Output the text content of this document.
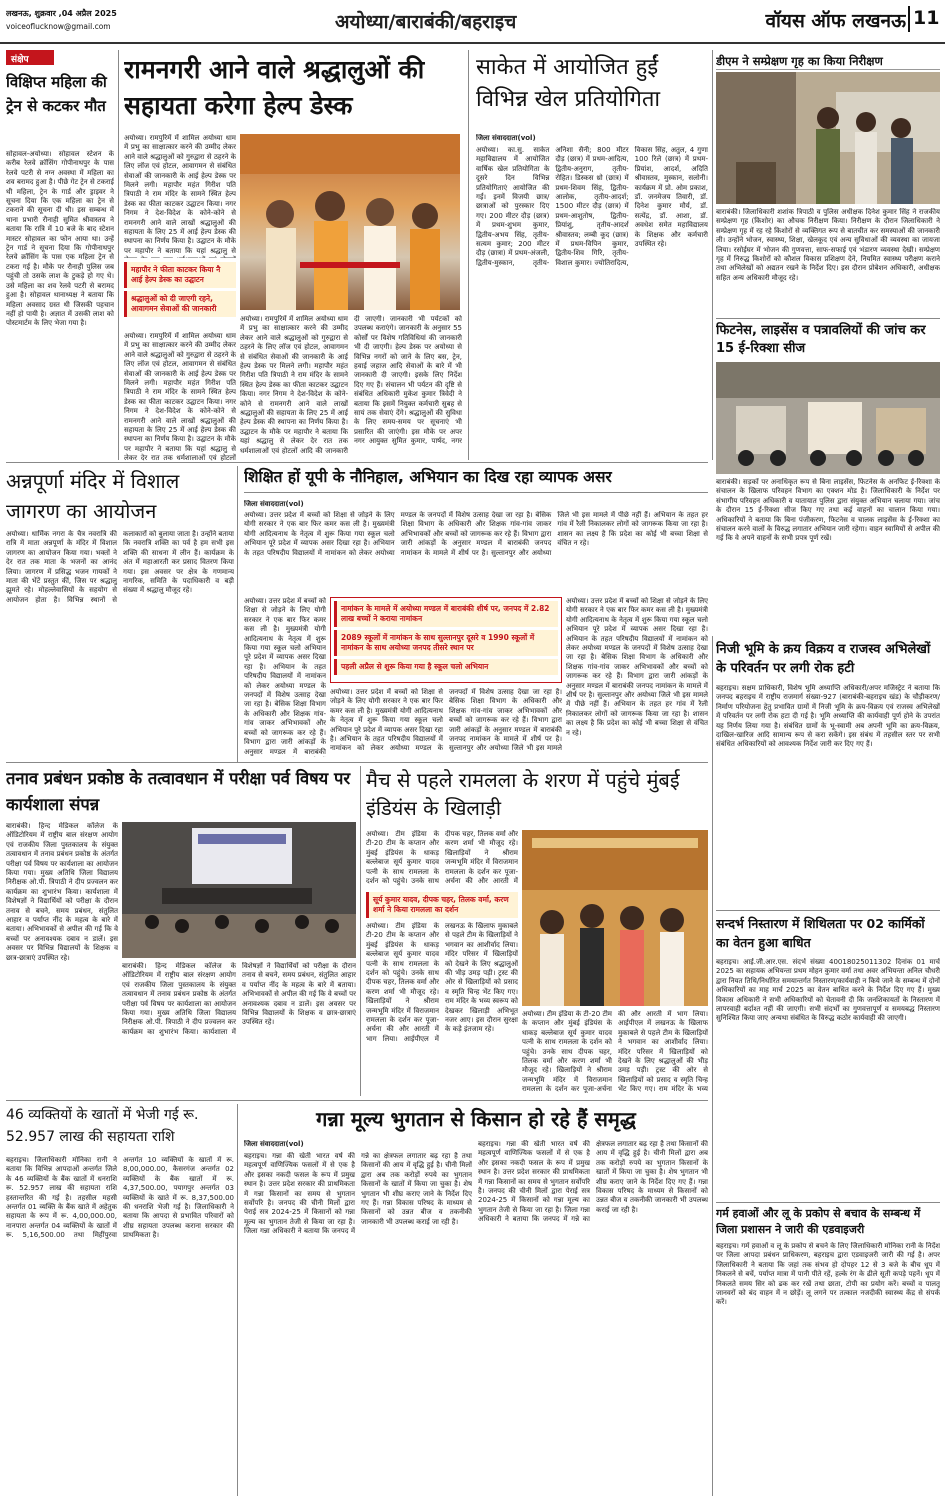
लखनऊ, शुक्रवार ,04 अप्रैल 2025
voiceoflucknow@gmail.com	अयोध्या/बाराबंकी/बहराइच	वॉयस ऑफ लखनऊ 11
संक्षेप
विक्षिप्त महिला की ट्रेन से कटकर मौत
सोहावल-अयोध्या। सोहावल स्टेशन के करीब रेलवे क्रॉसिंग गोपीनाथपुर के पास रेलवे पटरी से नग्न अवस्था में महिला का शव बरामद हुआ है। पीछे गेट ट्रेन से टकराई थी महिला, ट्रेन के गार्ड और ड्राइवर ने सूचना दिया कि एक महिला का ट्रेन से टकराने की सूचना दी थी। इस सम्बन्ध में थाना प्रभारी रौनाही सुमित श्रीवास्तव ने बताया कि रात्रि में 10 बजे के बाद स्टेशन मास्टर सोहावल का फोन आया था। उन्हें ट्रेन गार्ड ने सूचना दिया कि गोपीनाथपुर रेलवे क्रॉसिंग के पास एक महिला ट्रेन से टकरा गई है। मौके पर रौनाही पुलिस जब पहुंची तो उसके लाश के टुकड़े हो गए थे। उसे महिला का शव रेलवे पटरी से बरामद हुआ है। सोहावल थानाध्यक्ष ने बताया कि महिला अवसाद ग्रस्त थी जिसकी पहचान नहीं हो पायी है। अज्ञात में उसकी लाश को पोस्टमार्टम के लिए भेजा गया है।
रामनगरी आने वाले श्रद्धालुओं की सहायता करेगा हेल्प डेस्क
अयोध्या। रामपुरिमें में शामिल अयोध्या धाम में प्रभु का साक्षात्कार करने की उम्मीद लेकर आने वाले श्रद्धालुओं को गुरुद्वारा से ठहरने के लिए लॉज एवं होटल, आवागमन से संबंधित सेवाओं की जानकारी के आई हेल्प डेस्क पर मिलने लगी। महापौर महंत गिरीश पति त्रिपाठी ने राम मंदिर के सामने स्थित हेल्प डेस्क का फीता काटकर उद्घाटन किया। नगर निगम ने देश-विदेश के कोने-कोने से रामनगरी आने वाले लाखों श्रद्धालुओं की सहायता के लिए 25 में आई हेल्प डेस्क की स्थापना का निर्णय किया है। उद्घाटन के मौके पर महापौर ने बताया कि यहां श्रद्धालु से
महापौर ने फीता काटकर किया नै आई हेल्प डेस्क का उद्घाटन
श्रद्धालुओं को दी जाएगी रहने, आवागमन सेवाओं की जानकारी
अयोध्या। रामपुरिमें में शामिल अयोध्या धाम में प्रभु का साक्षात्कार करने की उम्मीद लेकर आने वाले श्रद्धालुओं को गुरुद्वारा से ठहरने के लिए लॉज एवं होटल, आवागमन से संबंधित सेवाओं की जानकारी के आई हेल्प डेस्क पर मिलने लगी। महापौर महंत गिरीश पति त्रिपाठी ने राम मंदिर के सामने स्थित हेल्प डेस्क का फीता काटकर उद्घाटन किया। नगर निगम ने देश-विदेश के कोने-कोने से रामनगरी आने वाले लाखों श्रद्धालुओं की सहायता के लिए 25 में आई हेल्प डेस्क की स्थापना का निर्णय किया है। उद्घाटन के मौके पर महापौर ने बताया कि यहां श्रद्धालु से लेकर देर रात तक धर्मशालाओं एवं होटलों
अयोध्या। रामपुरिमें में शामिल अयोध्या धाम में प्रभु का साक्षात्कार करने की उम्मीद लेकर आने वाले श्रद्धालुओं को गुरुद्वारा से ठहरने के लिए लॉज एवं होटल, आवागमन से संबंधित सेवाओं की जानकारी के आई हेल्प डेस्क पर मिलने लगी। महापौर महंत गिरीश पति त्रिपाठी ने राम मंदिर के सामने स्थित हेल्प डेस्क का फीता काटकर उद्घाटन किया। नगर निगम ने देश-विदेश के कोने-कोने से रामनगरी आने वाले लाखों श्रद्धालुओं की सहायता के लिए 25 में आई हेल्प डेस्क की स्थापना का निर्णय किया है। उद्घाटन के मौके पर महापौर ने बताया कि यहां श्रद्धालु से लेकर देर रात तक धर्मशालाओं एवं होटलों आदि की जानकारी दी जाएगी। जानकारी भी पर्यटकों को उपलब्ध कराएंगे। जानकारी के अनुसार 55 कोर्सों पर विशेष गतिविधियां की जानकारी भी दी जाएगी। हेल्प डेस्क पर अयोध्या से विभिन्न नगरों को जाने के लिए बस, ट्रेन, हवाई जहाज आदि सेवाओं के बारे में भी जानकारी दी जाएगी। इसके लिए निर्देश दिए गए हैं। संचालन भी पर्यटन की दृष्टि से संबंधित अधिकारी मुकेश कुमार त्रिवेदी ने बताया कि इसमें नियुक्त कर्मचारी सुबह से सायं तक सेवाएं देंगे। श्रद्धालुओं की सुविधा के लिए समय-समय पर सूचनाएं भी प्रसारित की जाएंगी। इस मौके पर अपर नगर आयुक्त सुमित कुमार, पार्षद, नगर
साकेत में आयोजित हुईं विभिन्न खेल प्रतियोगिता
जिला संवाददाता(vol)
अयोध्या। का.सु. साकेत महाविद्यालय में आयोजित वार्षिक खेल प्रतियोगिता के दूसरे दिन विभिन्न प्रतियोगिताएं आयोजित की गईं। इनमें विजयी छात्र/छात्राओं को पुरस्कार दिए गए। 200 मीटर दौड़ (छात्र) में प्रथम-शुभम कुमार, द्वितीय-अभय सिंह, तृतीय-सत्यम कुमार; 200 मीटर दौड़ (छात्रा) में प्रथम-अंजली, द्वितीय-मुस्कान, तृतीय-अनिशा सैनी; 800 मीटर दौड़ (छात्र) में प्रथम-आदित्य, द्वितीय-अनुराग, तृतीय-रोहित। डिस्कस थ्रो (छात्र) में प्रथम-शिवम सिंह, द्वितीय-आलोक, तृतीय-आदर्श; 1500 मीटर दौड़ (छात्र) में प्रथम-आशुतोष, द्वितीय-प्रियांशु, तृतीय-आदर्श श्रीवास्तव; लम्बी कूद (छात्र) में प्रथम-विपिन कुमार, द्वितीय-शिव गिरि, तृतीय-विशाल कुमार। ज्योतिरादित्य, विकास सिंह, अतुल, 4 गुणा 100 रिले (छात्र) में प्रथम-प्रियांश, आदर्श, अदिति श्रीवास्तव, मुस्कान, सलोनी। कार्यक्रम में प्रो. ओम प्रकाश, डॉ. जनमेजय तिवारी, डॉ. दिनेश कुमार मौर्य, डॉ. सत्येंद्र, डॉ. आशा, डॉ. अवधेश समेत महाविद्यालय के शिक्षक और कर्मचारी उपस्थित रहे।
डीएम ने सम्प्रेक्षण गृह का किया निरीक्षण
बाराबंकी। जिलाधिकारी शशांक त्रिपाठी व पुलिस अधीक्षक दिनेश कुमार सिंह ने राजकीय सम्प्रेक्षण गृह (किशोर) का औचक निरीक्षण किया। निरीक्षण के दौरान जिलाधिकारी ने सम्प्रेक्षण गृह में रह रहे किशोरों से व्यक्तिगत रूप से बातचीत कर समस्याओं की जानकारी ली। उन्होंने भोजन, स्वास्थ्य, शिक्षा, खेलकूद एवं अन्य सुविधाओं की व्यवस्था का जायजा लिया। रसोईघर में भोजन की गुणवत्ता, साफ-सफाई एवं भंडारण व्यवस्था देखी। सम्प्रेक्षण गृह में निरुद्ध किशोरों को कौशल विकास प्रशिक्षण देने, नियमित स्वास्थ्य परीक्षण कराने तथा अभिलेखों को अद्यतन रखने के निर्देश दिए। इस दौरान प्रोबेशन अधिकारी, अधीक्षक सहित अन्य अधिकारी मौजूद रहे।
फिटनेस, लाइसेंस व पत्रावलियों की जांच कर 15 ई-रिक्शा सीज
बाराबंकी। सड़कों पर अनाधिकृत रूप से बिना लाइसेंस, फिटनेस के अनफिट ई-रिक्शा के संचालन के खिलाफ परिवहन विभाग का एक्शन मोड है। जिलाधिकारी के निर्देश पर संभागीय परिवहन अधिकारी व यातायात पुलिस द्वारा संयुक्त अभियान चलाया गया। जांच के दौरान 15 ई-रिक्शा सीज किए गए तथा कई वाहनों का चालान किया गया। अधिकारियों ने बताया कि बिना पंजीकरण, फिटनेस व चालक लाइसेंस के ई-रिक्शा का संचालन करने वालों के विरुद्ध लगातार अभियान जारी रहेगा। वाहन स्वामियों से अपील की गई कि वे अपने वाहनों के सभी प्रपत्र पूर्ण रखें।
अन्नपूर्णा मंदिर में विशाल जागरण का आयोजन
अयोध्या। धार्मिक नगरा के चैत्र नवरात्रि की रात्रि में माता अन्नपूर्णा के मंदिर में विशाल जागरण का आयोजन किया गया। भक्तों ने देर रात तक माता के भजनों का आनंद लिया। जागरण में प्रसिद्ध भजन गायकों ने माता की भेंटें प्रस्तुत कीं, जिस पर श्रद्धालु झूमते रहे। मोहल्लेवासियों के सहयोग से आयोजन होता है। विभिन्न स्थानों से कलाकारों को बुलाया जाता है। उन्होंने बताया कि नवरात्रि शक्ति का पर्व है हम सभी इस शक्ति की साधना में लीन हैं। कार्यक्रम के अंत में महाआरती कर प्रसाद वितरण किया गया। इस अवसर पर क्षेत्र के गणमान्य नागरिक, समिति के पदाधिकारी व बड़ी संख्या में श्रद्धालु मौजूद रहे।
शिक्षित हों यूपी के नौनिहाल, अभियान का दिख रहा व्यापक असर
जिला संवाददाता(vol)
अयोध्या। उत्तर प्रदेश में बच्चों को शिक्षा से जोड़ने के लिए योगी सरकार ने एक बार फिर कमर कस ली है। मुख्यमंत्री योगी आदित्यनाथ के नेतृत्व में शुरू किया गया स्कूल चलो अभियान पूरे प्रदेश में व्यापक असर दिखा रहा है। अभियान के तहत परिषदीय विद्यालयों में नामांकन को लेकर अयोध्या मण्डल के जनपदों में विशेष उत्साह देखा जा रहा है। बेसिक शिक्षा विभाग के अधिकारी और शिक्षक गांव-गांव जाकर अभिभावकों और बच्चों को जागरूक कर रहे हैं। विभाग द्वारा जारी आंकड़ों के अनुसार मण्डल में बाराबंकी जनपद नामांकन के मामले में शीर्ष पर है। सुल्तानपुर और अयोध्या जिले भी इस मामले में पीछे नहीं हैं। अभियान के तहत हर गांव में रैली निकालकर लोगों को जागरूक किया जा रहा है। शासन का लक्ष्य है कि प्रदेश का कोई भी बच्चा शिक्षा से वंचित न रहे।
नामांकन के मामले में अयोध्या मण्डल में बाराबंकी शीर्ष पर, जनपद में 2.82 लाख बच्चों ने कराया नामांकन
2089 स्कूलों में नामांकन के साथ सुल्तानपुर दूसरे व 1990 स्कूलों में नामांकन के साथ अयोध्या जनपद तीसरे स्थान पर
पहली अप्रैल से शुरू किया गया है स्कूल चलो अभियान
अयोध्या। उत्तर प्रदेश में बच्चों को शिक्षा से जोड़ने के लिए योगी सरकार ने एक बार फिर कमर कस ली है। मुख्यमंत्री योगी आदित्यनाथ के नेतृत्व में शुरू किया गया स्कूल चलो अभियान पूरे प्रदेश में व्यापक असर दिखा रहा है। अभियान के तहत परिषदीय विद्यालयों में नामांकन को लेकर अयोध्या मण्डल के जनपदों में विशेष उत्साह देखा जा रहा है। बेसिक शिक्षा विभाग के अधिकारी और शिक्षक गांव-गांव जाकर अभिभावकों और बच्चों को जागरूक कर रहे हैं। विभाग द्वारा जारी आंकड़ों के अनुसार मण्डल में बाराबंकी
अयोध्या। उत्तर प्रदेश में बच्चों को शिक्षा से जोड़ने के लिए योगी सरकार ने एक बार फिर कमर कस ली है। मुख्यमंत्री योगी आदित्यनाथ के नेतृत्व में शुरू किया गया स्कूल चलो अभियान पूरे प्रदेश में व्यापक असर दिखा रहा है। अभियान के तहत परिषदीय विद्यालयों में नामांकन को लेकर अयोध्या मण्डल के जनपदों में विशेष उत्साह देखा जा रहा है। बेसिक शिक्षा विभाग के अधिकारी और शिक्षक गांव-गांव जाकर अभिभावकों और बच्चों को जागरूक कर रहे हैं। विभाग द्वारा जारी आंकड़ों के अनुसार मण्डल में बाराबंकी जनपद नामांकन के मामले में शीर्ष पर है। सुल्तानपुर और अयोध्या जिले भी इस मामले में पीछे नहीं हैं। अभियान के तहत हर गांव में रैली निकालकर लोगों को जागरूक किया जा रहा है। शासन का लक्ष्य है कि प्रदेश का कोई भी बच्चा शिक्षा से वंचित न रहे।
अयोध्या। उत्तर प्रदेश में बच्चों को शिक्षा से जोड़ने के लिए योगी सरकार ने एक बार फिर कमर कस ली है। मुख्यमंत्री योगी आदित्यनाथ के नेतृत्व में शुरू किया गया स्कूल चलो अभियान पूरे प्रदेश में व्यापक असर दिखा रहा है। अभियान के तहत परिषदीय विद्यालयों में नामांकन को लेकर अयोध्या मण्डल के जनपदों में विशेष उत्साह देखा जा रहा है। बेसिक शिक्षा विभाग के अधिकारी और शिक्षक गांव-गांव जाकर अभिभावकों और बच्चों को जागरूक कर रहे हैं। विभाग द्वारा जारी आंकड़ों के अनुसार मण्डल में बाराबंकी जनपद नामांकन के मामले में शीर्ष पर है। सुल्तानपुर और अयोध्या जिले भी इस मामले
तनाव प्रबंधन प्रकोष्ठ के तत्वावधान में परीक्षा पर्व विषय पर कार्यशाला संपन्न
बाराबंकी। हिन्द मेडिकल कॉलेज के ऑडिटोरियम में राष्ट्रीय बाल संरक्षण आयोग एवं राजकीय जिला पुस्तकालय के संयुक्त तत्वावधान में तनाव प्रबंधन प्रकोष्ठ के अंतर्गत परीक्षा पर्व विषय पर कार्यशाला का आयोजन किया गया। मुख्य अतिथि जिला विद्यालय निरीक्षक ओ.पी. त्रिपाठी ने दीप प्रज्वलन कर कार्यक्रम का शुभारंभ किया। कार्यशाला में विशेषज्ञों ने विद्यार्थियों को परीक्षा के दौरान तनाव से बचने, समय प्रबंधन, संतुलित आहार व पर्याप्त नींद के महत्व के बारे में बताया। अभिभावकों से अपील की गई कि वे बच्चों पर अनावश्यक दबाव न डालें। इस अवसर पर विभिन्न विद्यालयों के शिक्षक व छात्र-छात्राएं उपस्थित रहे।
बाराबंकी। हिन्द मेडिकल कॉलेज के ऑडिटोरियम में राष्ट्रीय बाल संरक्षण आयोग एवं राजकीय जिला पुस्तकालय के संयुक्त तत्वावधान में तनाव प्रबंधन प्रकोष्ठ के अंतर्गत परीक्षा पर्व विषय पर कार्यशाला का आयोजन किया गया। मुख्य अतिथि जिला विद्यालय निरीक्षक ओ.पी. त्रिपाठी ने दीप प्रज्वलन कर कार्यक्रम का शुभारंभ किया। कार्यशाला में विशेषज्ञों ने विद्यार्थियों को परीक्षा के दौरान तनाव से बचने, समय प्रबंधन, संतुलित आहार व पर्याप्त नींद के महत्व के बारे में बताया। अभिभावकों से अपील की गई कि वे बच्चों पर अनावश्यक दबाव न डालें। इस अवसर पर विभिन्न विद्यालयों के शिक्षक व छात्र-छात्राएं उपस्थित रहे।
मैच से पहले रामलला के शरण में पहुंचे मुंबई इंडियंस के खिलाड़ी
अयोध्या। टीम इंडिया के टी-20 टीम के कप्तान और मुंबई इंडियंस के धाकड़ बल्लेबाज सूर्य कुमार यादव पत्नी के साथ रामलला के दर्शन को पहुंचे। उनके साथ दीपक चहर, तिलक वर्मा और करण शर्मा भी मौजूद रहे। खिलाड़ियों ने श्रीराम जन्मभूमि मंदिर में विराजमान रामलला के दर्शन कर पूजा-अर्चना की और आरती में
सूर्य कुमार यादव, दीपक चहर, तिलक वर्मा, करण शर्मा ने किया रामलला का दर्शन
अयोध्या। टीम इंडिया के टी-20 टीम के कप्तान और मुंबई इंडियंस के धाकड़ बल्लेबाज सूर्य कुमार यादव पत्नी के साथ रामलला के दर्शन को पहुंचे। उनके साथ दीपक चहर, तिलक वर्मा और करण शर्मा भी मौजूद रहे। खिलाड़ियों ने श्रीराम जन्मभूमि मंदिर में विराजमान रामलला के दर्शन कर पूजा-अर्चना की और आरती में भाग लिया। आईपीएल में लखनऊ के खिलाफ मुकाबले से पहले टीम के खिलाड़ियों ने भगवान का आशीर्वाद लिया। मंदिर परिसर में खिलाड़ियों को देखने के लिए श्रद्धालुओं की भीड़ उमड़ पड़ी। ट्रस्ट की ओर से खिलाड़ियों को प्रसाद व स्मृति चिन्ह भेंट किए गए। राम मंदिर के भव्य स्वरूप को देखकर खिलाड़ी अभिभूत नजर आए। इस दौरान सुरक्षा के कड़े इंतजाम रहे।
अयोध्या। टीम इंडिया के टी-20 टीम के कप्तान और मुंबई इंडियंस के धाकड़ बल्लेबाज सूर्य कुमार यादव पत्नी के साथ रामलला के दर्शन को पहुंचे। उनके साथ दीपक चहर, तिलक वर्मा और करण शर्मा भी मौजूद रहे। खिलाड़ियों ने श्रीराम जन्मभूमि मंदिर में विराजमान रामलला के दर्शन कर पूजा-अर्चना की और आरती में भाग लिया। आईपीएल में लखनऊ के खिलाफ मुकाबले से पहले टीम के खिलाड़ियों ने भगवान का आशीर्वाद लिया। मंदिर परिसर में खिलाड़ियों को देखने के लिए श्रद्धालुओं की भीड़ उमड़ पड़ी। ट्रस्ट की ओर से खिलाड़ियों को प्रसाद व स्मृति चिन्ह भेंट किए गए। राम मंदिर के भव्य
निजी भूमि के क्रय विक्रय व राजस्व अभिलेखों के परिवर्तन पर लगी रोक हटी
बहराइच। सक्षम प्राधिकारी, विशेष भूमि अध्याप्ति अधिकारी/अपर मजिस्ट्रेट ने बताया कि जनपद बहराइच में राष्ट्रीय राजमार्ग संख्या-927 (बाराबंकी-बहराइच खंड) के चौड़ीकरण/निर्माण परियोजना हेतु प्रभावित ग्रामों में निजी भूमि के क्रय-विक्रय एवं राजस्व अभिलेखों में परिवर्तन पर लगी रोक हटा दी गई है। भूमि अध्याप्ति की कार्यवाही पूर्ण होने के उपरांत यह निर्णय लिया गया है। संबंधित ग्रामों के भू-स्वामी अब अपनी भूमि का क्रय-विक्रय, दाखिल-खारिज आदि सामान्य रूप से करा सकेंगे। इस संबंध में तहसील स्तर पर सभी संबंधित अधिकारियों को आवश्यक निर्देश जारी कर दिए गए हैं।
सन्दर्भ निस्तारण में शिथिलता पर 02 कार्मिकों का वेतन हुआ बाधित
बहराइच। आई.जी.आर.एस. संदर्भ संख्या 40018025011302 दिनांक 01 मार्च 2025 का सहायक अभियन्ता प्रथम मोहन कुमार वर्मा तथा अवर अभियन्ता अनिल चौधरी द्वारा नियत तिथि/निर्धारित समयान्तर्गत निस्तारण/कार्यवाही न किये जाने के सम्बन्ध में दोनों अधिकारियों का माह मार्च 2025 का वेतन बाधित करने के निर्देश दिए गए हैं। मुख्य विकास अधिकारी ने सभी अधिकारियों को चेतावनी दी कि जनशिकायतों के निस्तारण में लापरवाही बर्दाश्त नहीं की जाएगी। सभी संदर्भों का गुणवत्तापूर्ण व समयबद्ध निस्तारण सुनिश्चित किया जाए अन्यथा संबंधित के विरुद्ध कठोर कार्यवाही की जाएगी।
गर्म हवाओं और लू के प्रकोप से बचाव के सम्बन्ध में जिला प्रशासन ने जारी की एडवाइजरी
बहराइच। गर्म हवाओं व लू के प्रकोप से बचने के लिए जिलाधिकारी मोनिका रानी के निर्देश पर जिला आपदा प्रबंधन प्राधिकरण, बहराइच द्वारा एडवाइजरी जारी की गई है। अपर जिलाधिकारी ने बताया कि जहां तक संभव हो दोपहर 12 से 3 बजे के बीच धूप में निकलने से बचें, पर्याप्त मात्रा में पानी पीते रहें, हल्के रंग के ढीले सूती कपड़े पहनें। धूप में निकलते समय सिर को ढक कर रखें तथा छाता, टोपी का प्रयोग करें। बच्चों व पालतू जानवरों को बंद वाहन में न छोड़ें। लू लगने पर तत्काल नजदीकी स्वास्थ्य केंद्र से संपर्क करें।
46 व्यक्तियों के खातों में भेजी गई रू. 52.957 लाख की सहायता राशि
बहराइच। जिलाधिकारी मोनिका रानी ने बताया कि विभिन्न आपदाओं अन्तर्गत जिले के 46 व्यक्तियों के बैंक खातों में धनराशि रू. 52.957 लाख की सहायता राशि हस्तान्तरित की गई है। तहसील महसी अन्तर्गत 01 व्यक्ति के बैंक खाते में अहेतुक सहायता के रूप में रू. 4,00,000.00, नानपारा अन्तर्गत 04 व्यक्तियों के खातों में रू. 5,16,500.00 तथा मिहींपुरवा अन्तर्गत 10 व्यक्तियों के खातों में रू. 8,00,000.00, कैसरगंज अन्तर्गत 02 व्यक्तियों के बैंक खातों में रू. 4,37,500.00, पयागपुर अन्तर्गत 03 व्यक्तियों के खाते में रू. 8,37,500.00 की धनराशि भेजी गई है। जिलाधिकारी ने बताया कि आपदा से प्रभावित परिवारों को शीघ्र सहायता उपलब्ध कराना सरकार की प्राथमिकता है।
गन्ना मूल्य भुगतान से किसान हो रहे हैं समृद्ध
जिला संवाददाता(vol)
बहराइच। गन्ना की खेती भारत वर्ष की महत्वपूर्ण वाणिज्यिक फसलों में से एक है और इसका नकदी फसल के रूप में प्रमुख स्थान है। उत्तर प्रदेश सरकार की प्राथमिकता में गन्ना किसानों का समय से भुगतान सर्वोपरि है। जनपद की चीनी मिलों द्वारा पेराई सत्र 2024-25 में किसानों को गन्ना मूल्य का भुगतान तेजी से किया जा रहा है। जिला गन्ना अधिकारी ने बताया कि जनपद में गन्ने का क्षेत्रफल लगातार बढ़ रहा है तथा किसानों की आय में वृद्धि हुई है। चीनी मिलों द्वारा अब तक करोड़ों रुपये का भुगतान किसानों के खातों में किया जा चुका है। शेष भुगतान भी शीघ्र कराए जाने के निर्देश दिए गए हैं। गन्ना विकास परिषद के माध्यम से किसानों को उन्नत बीज व तकनीकी जानकारी भी उपलब्ध कराई जा रही है।
बहराइच। गन्ना की खेती भारत वर्ष की महत्वपूर्ण वाणिज्यिक फसलों में से एक है और इसका नकदी फसल के रूप में प्रमुख स्थान है। उत्तर प्रदेश सरकार की प्राथमिकता में गन्ना किसानों का समय से भुगतान सर्वोपरि है। जनपद की चीनी मिलों द्वारा पेराई सत्र 2024-25 में किसानों को गन्ना मूल्य का भुगतान तेजी से किया जा रहा है। जिला गन्ना अधिकारी ने बताया कि जनपद में गन्ने का क्षेत्रफल लगातार बढ़ रहा है तथा किसानों की आय में वृद्धि हुई है। चीनी मिलों द्वारा अब तक करोड़ों रुपये का भुगतान किसानों के खातों में किया जा चुका है। शेष भुगतान भी शीघ्र कराए जाने के निर्देश दिए गए हैं। गन्ना विकास परिषद के माध्यम से किसानों को उन्नत बीज व तकनीकी जानकारी भी उपलब्ध कराई जा रही है।
